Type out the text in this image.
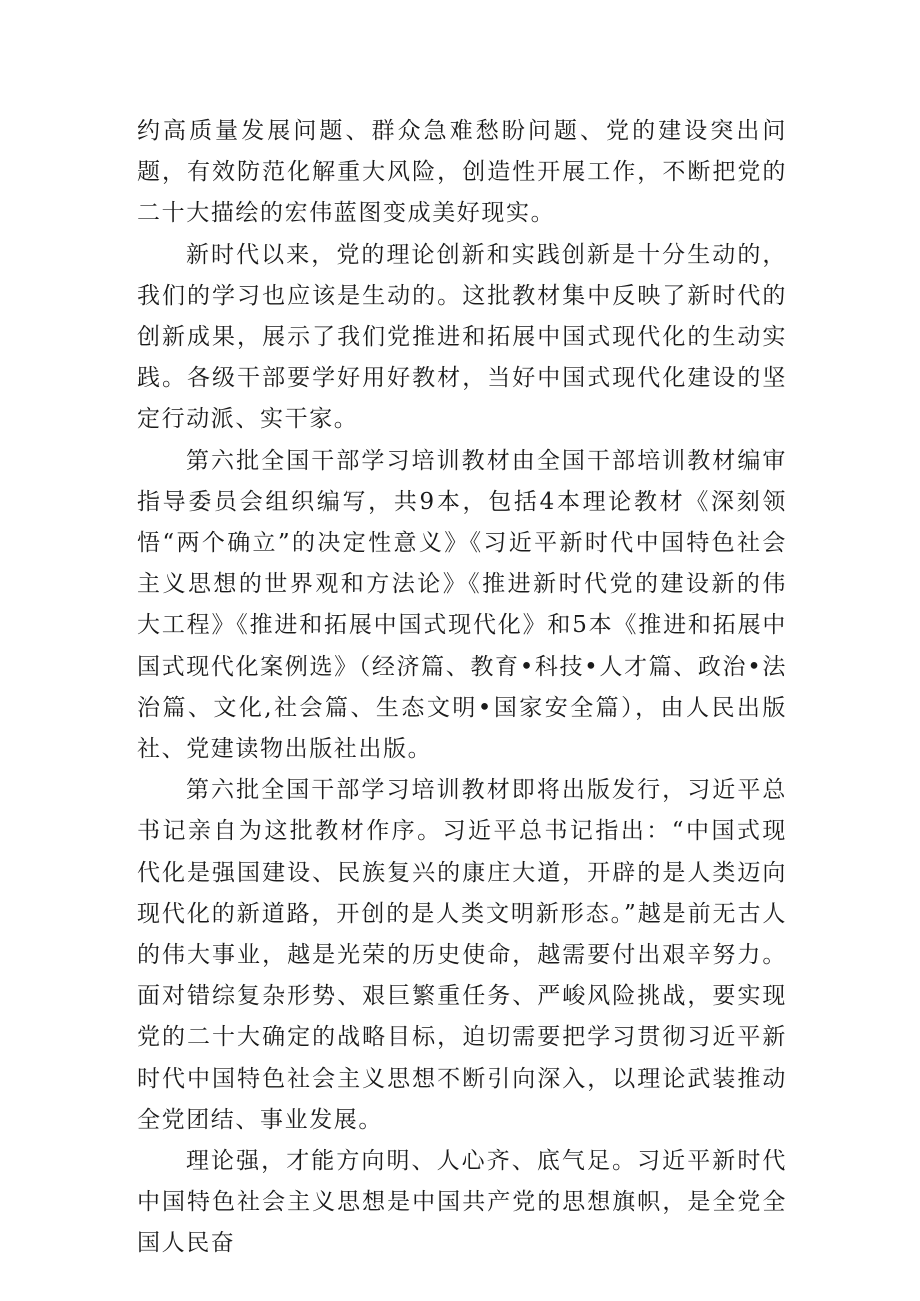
约高质量发展问题、群众急难愁盼问题、党的建设突出问题，有效防范化解重大风险，创造性开展工作，不断把党的二十大描绘的宏伟蓝图变成美好现实。

新时代以来，党的理论创新和实践创新是十分生动的，我们的学习也应该是生动的。这批教材集中反映了新时代的创新成果，展示了我们党推进和拓展中国式现代化的生动实践。各级干部要学好用好教材，当好中国式现代化建设的坚定行动派、实干家。

第六批全国干部学习培训教材由全国干部培训教材编审指导委员会组织编写，共9本，包括4本理论教材《深刻领悟“两个确立”的决定性意义》《习近平新时代中国特色社会主义思想的世界观和方法论》《推进新时代党的建设新的伟大工程》《推进和拓展中国式现代化》和5本《推进和拓展中国式现代化案例选》（经济篇、教育•科技•人才篇、政治•法治篇、文化,社会篇、生态文明•国家安全篇），由人民出版社、党建读物出版社出版。

第六批全国干部学习培训教材即将出版发行，习近平总书记亲自为这批教材作序。习近平总书记指出：“中国式现代化是强国建设、民族复兴的康庄大道，开辟的是人类迈向现代化的新道路，开创的是人类文明新形态。”越是前无古人的伟大事业，越是光荣的历史使命，越需要付出艰辛努力。面对错综复杂形势、艰巨繁重任务、严峻风险挑战，要实现党的二十大确定的战略目标，迫切需要把学习贯彻习近平新时代中国特色社会主义思想不断引向深入，以理论武装推动全党团结、事业发展。

理论强，才能方向明、人心齐、底气足。习近平新时代中国特色社会主义思想是中国共产党的思想旗帜，是全党全国人民奋
